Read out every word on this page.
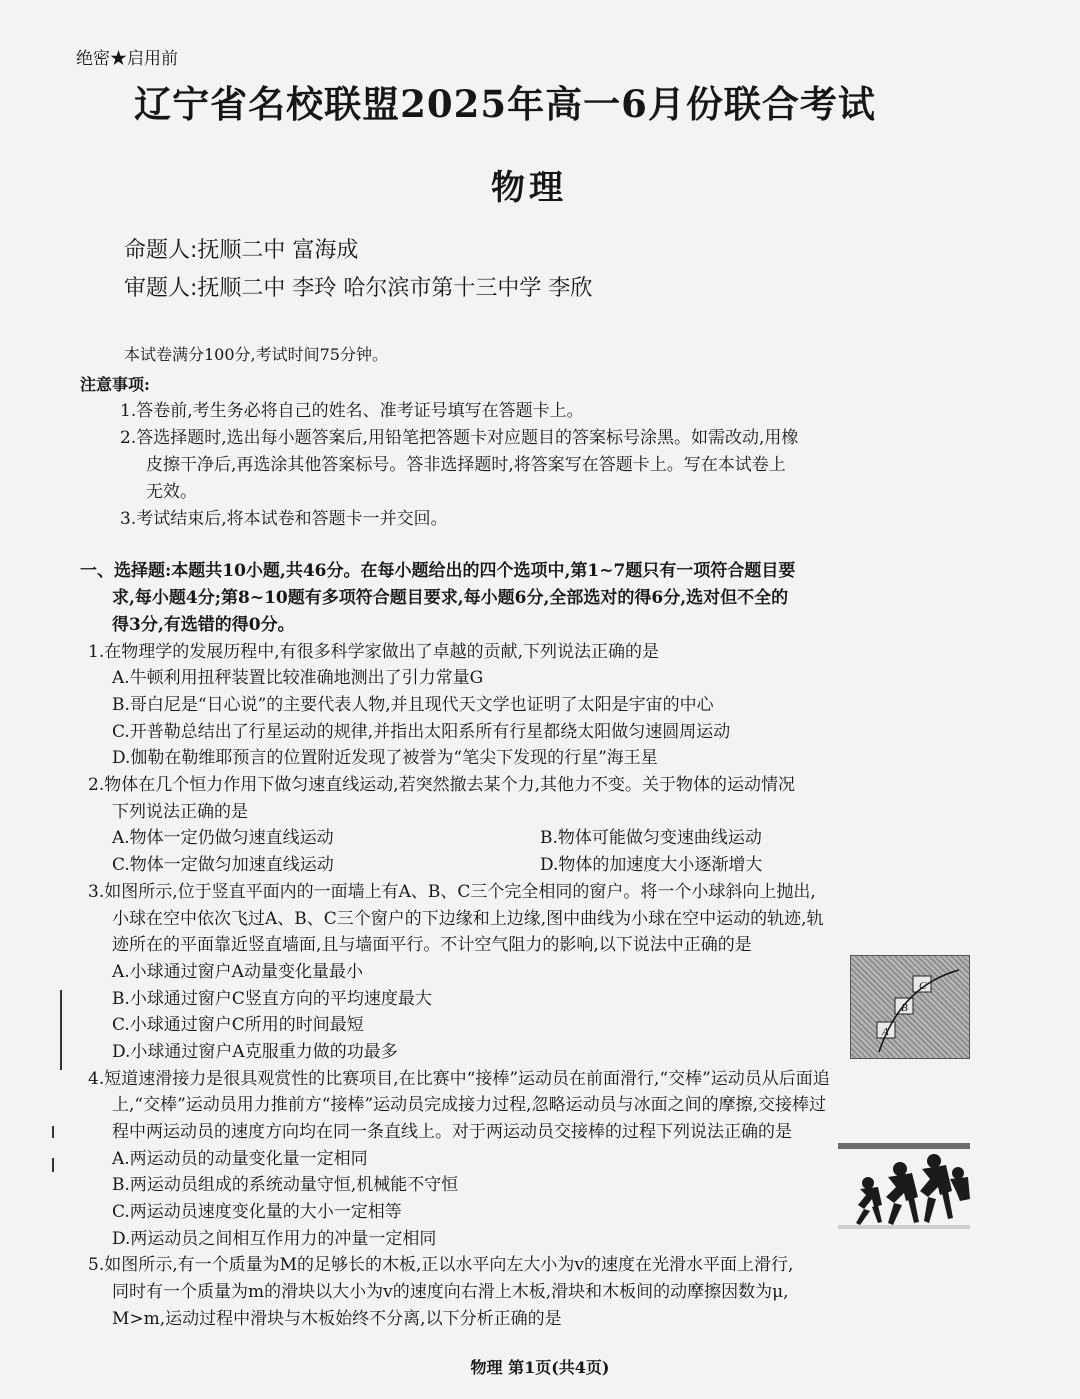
绝密★启用前
辽宁省名校联盟2025年高一6月份联合考试
物理
命题人:抚顺二中 富海成
审题人:抚顺二中 李玲 哈尔滨市第十三中学 李欣
本试卷满分100分,考试时间75分钟。
注意事项:
1.答卷前,考生务必将自己的姓名、准考证号填写在答题卡上。
2.答选择题时,选出每小题答案后,用铅笔把答题卡对应题目的答案标号涂黑。如需改动,用橡
皮擦干净后,再选涂其他答案标号。答非选择题时,将答案写在答题卡上。写在本试卷上
无效。
3.考试结束后,将本试卷和答题卡一并交回。
一、选择题:本题共10小题,共46分。在每小题给出的四个选项中,第1~7题只有一项符合题目要
求,每小题4分;第8~10题有多项符合题目要求,每小题6分,全部选对的得6分,选对但不全的
得3分,有选错的得0分。
1.在物理学的发展历程中,有很多科学家做出了卓越的贡献,下列说法正确的是
A.牛顿利用扭秤装置比较准确地测出了引力常量G
B.哥白尼是“日心说”的主要代表人物,并且现代天文学也证明了太阳是宇宙的中心
C.开普勒总结出了行星运动的规律,并指出太阳系所有行星都绕太阳做匀速圆周运动
D.伽勒在勒维耶预言的位置附近发现了被誉为“笔尖下发现的行星”海王星
2.物体在几个恒力作用下做匀速直线运动,若突然撤去某个力,其他力不变。关于物体的运动情况
下列说法正确的是
A.物体一定仍做匀速直线运动	B.物体可能做匀变速曲线运动
C.物体一定做匀加速直线运动	D.物体的加速度大小逐渐增大
3.如图所示,位于竖直平面内的一面墙上有A、B、C三个完全相同的窗户。将一个小球斜向上抛出,
小球在空中依次飞过A、B、C三个窗户的下边缘和上边缘,图中曲线为小球在空中运动的轨迹,轨
迹所在的平面靠近竖直墙面,且与墙面平行。不计空气阻力的影响,以下说法中正确的是
A.小球通过窗户A动量变化量最小
B.小球通过窗户C竖直方向的平均速度最大
C.小球通过窗户C所用的时间最短
D.小球通过窗户A克服重力做的功最多
A
B
C
4.短道速滑接力是很具观赏性的比赛项目,在比赛中“接棒”运动员在前面滑行,“交棒”运动员从后面追
上,“交棒”运动员用力推前方“接棒”运动员完成接力过程,忽略运动员与冰面之间的摩擦,交接棒过
程中两运动员的速度方向均在同一条直线上。对于两运动员交接棒的过程下列说法正确的是
A.两运动员的动量变化量一定相同
B.两运动员组成的系统动量守恒,机械能不守恒
C.两运动员速度变化量的大小一定相等
D.两运动员之间相互作用力的冲量一定相同
5.如图所示,有一个质量为M的足够长的木板,正以水平向左大小为v的速度在光滑水平面上滑行,
同时有一个质量为m的滑块以大小为v的速度向右滑上木板,滑块和木板间的动摩擦因数为μ,
M>m,运动过程中滑块与木板始终不分离,以下分析正确的是
物理 第1页(共4页)
